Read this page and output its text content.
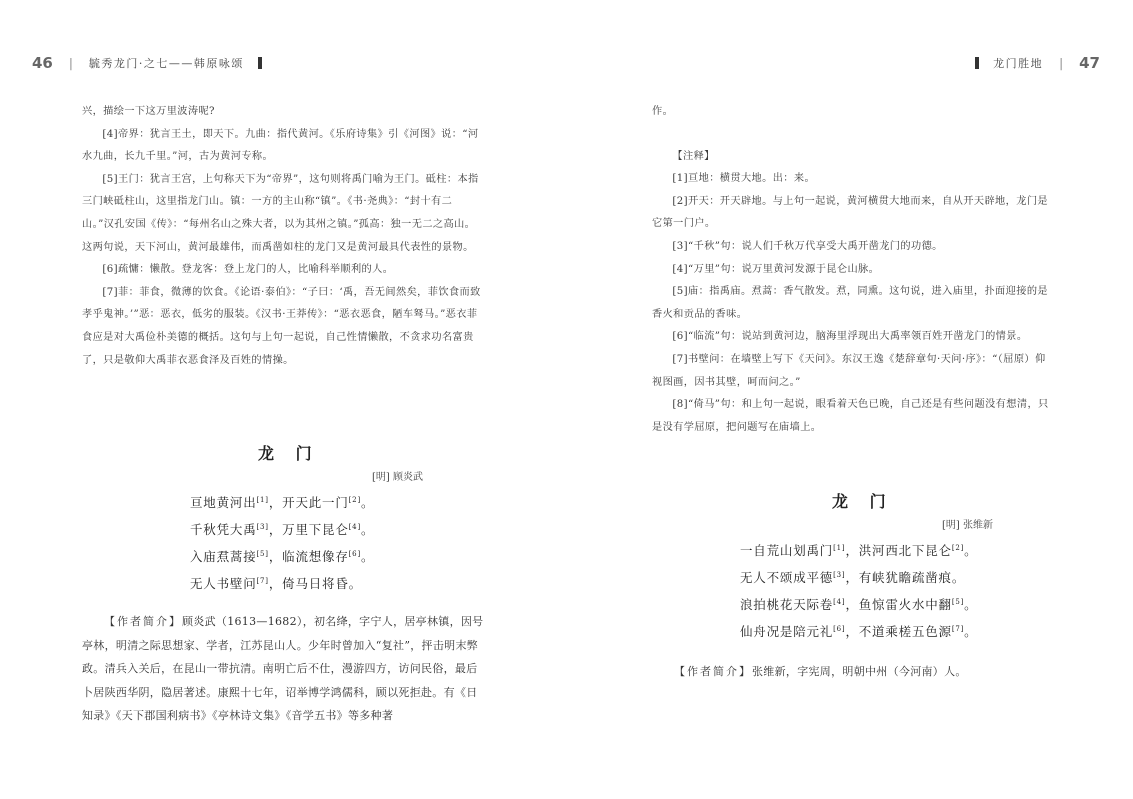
46 | 毓秀龙门·之七——韩原咏颂

兴，描绘一下这万里波涛呢?

[4]帝界：犹言王土，即天下。九曲：指代黄河。《乐府诗集》引《河图》说：“河水九曲，长九千里。”河，古为黄河专称。

[5]王门：犹言王宫，上句称天下为“帝界”，这句则将禹门喻为王门。砥柱：本指三门峡砥柱山，这里指龙门山。镇：一方的主山称“镇”。《书·尧典》：“封十有二山。”汉孔安国《传》：“每州名山之殊大者，以为其州之镇。”孤高：独一无二之高山。这两句说，天下河山，黄河最雄伟，而禹凿如柱的龙门又是黄河最具代表性的景物。

[6]疏慵：懒散。登龙客：登上龙门的人，比喻科举顺利的人。

[7]菲：菲食，微薄的饮食。《论语·泰伯》：“子曰：‘禹，吾无间然矣，菲饮食而致孝乎鬼神。’”恶：恶衣，低劣的服装。《汉书·王莽传》：“恶衣恶食，陋车驽马。”恶衣菲食应是对大禹俭朴美德的概括。这句与上句一起说，自己性情懒散，不贪求功名富贵了，只是敬仰大禹菲衣恶食泽及百姓的情操。

龙 门
[明] 顾炎武
亘地黄河出[1]，开天此一门[2]。
千秋凭大禹[3]，万里下昆仑[4]。
入庙焄蒿接[5]，临流想像存[6]。
无人书壁问[7]，倚马日将昏。
【作者简介】顾炎武（1613—1682），初名绛，字宁人，居亭林镇，因号亭林，明清之际思想家、学者，江苏昆山人。少年时曾加入“复社”，抨击明末弊政。清兵入关后，在昆山一带抗清。南明亡后不仕，漫游四方，访问民俗，最后卜居陕西华阴，隐居著述。康熙十七年，诏举博学鸿儒科，顾以死拒赴。有《日知录》《天下郡国利病书》《亭林诗文集》《音学五书》等多种著
龙门胜地 | 47

作。

【注释】

[1]亘地：横贯大地。出：来。

[2]开天：开天辟地。与上句一起说，黄河横贯大地而来，自从开天辟地，龙门是它第一门户。

[3]“千秋”句：说人们千秋万代享受大禹开凿龙门的功德。

[4]“万里”句：说万里黄河发源于昆仑山脉。

[5]庙：指禹庙。焄蒿：香气散发。焄，同熏。这句说，进入庙里，扑面迎接的是香火和贡品的香味。

[6]“临流”句：说站到黄河边，脑海里浮现出大禹率领百姓开凿龙门的情景。

[7]书壁问：在墙壁上写下《天问》。东汉王逸《楚辞章句·天问·序》：“（屈原）仰视图画，因书其壁，呵而问之。”

[8]“倚马”句：和上句一起说，眼看着天色已晚，自己还是有些问题没有想清，只是没有学屈原，把问题写在庙墙上。

龙 门
[明] 张维新
一自荒山划禹门[1]，洪河西北下昆仑[2]。
无人不颂成平德[3]，有峡犹瞻疏凿痕。
浪拍桃花天际卷[4]，鱼惊雷火水中翻[5]。
仙舟况是陪元礼[6]，不道乘槎五色源[7]。
【作者简介】张维新，字宪周，明朝中州（今河南）人。
